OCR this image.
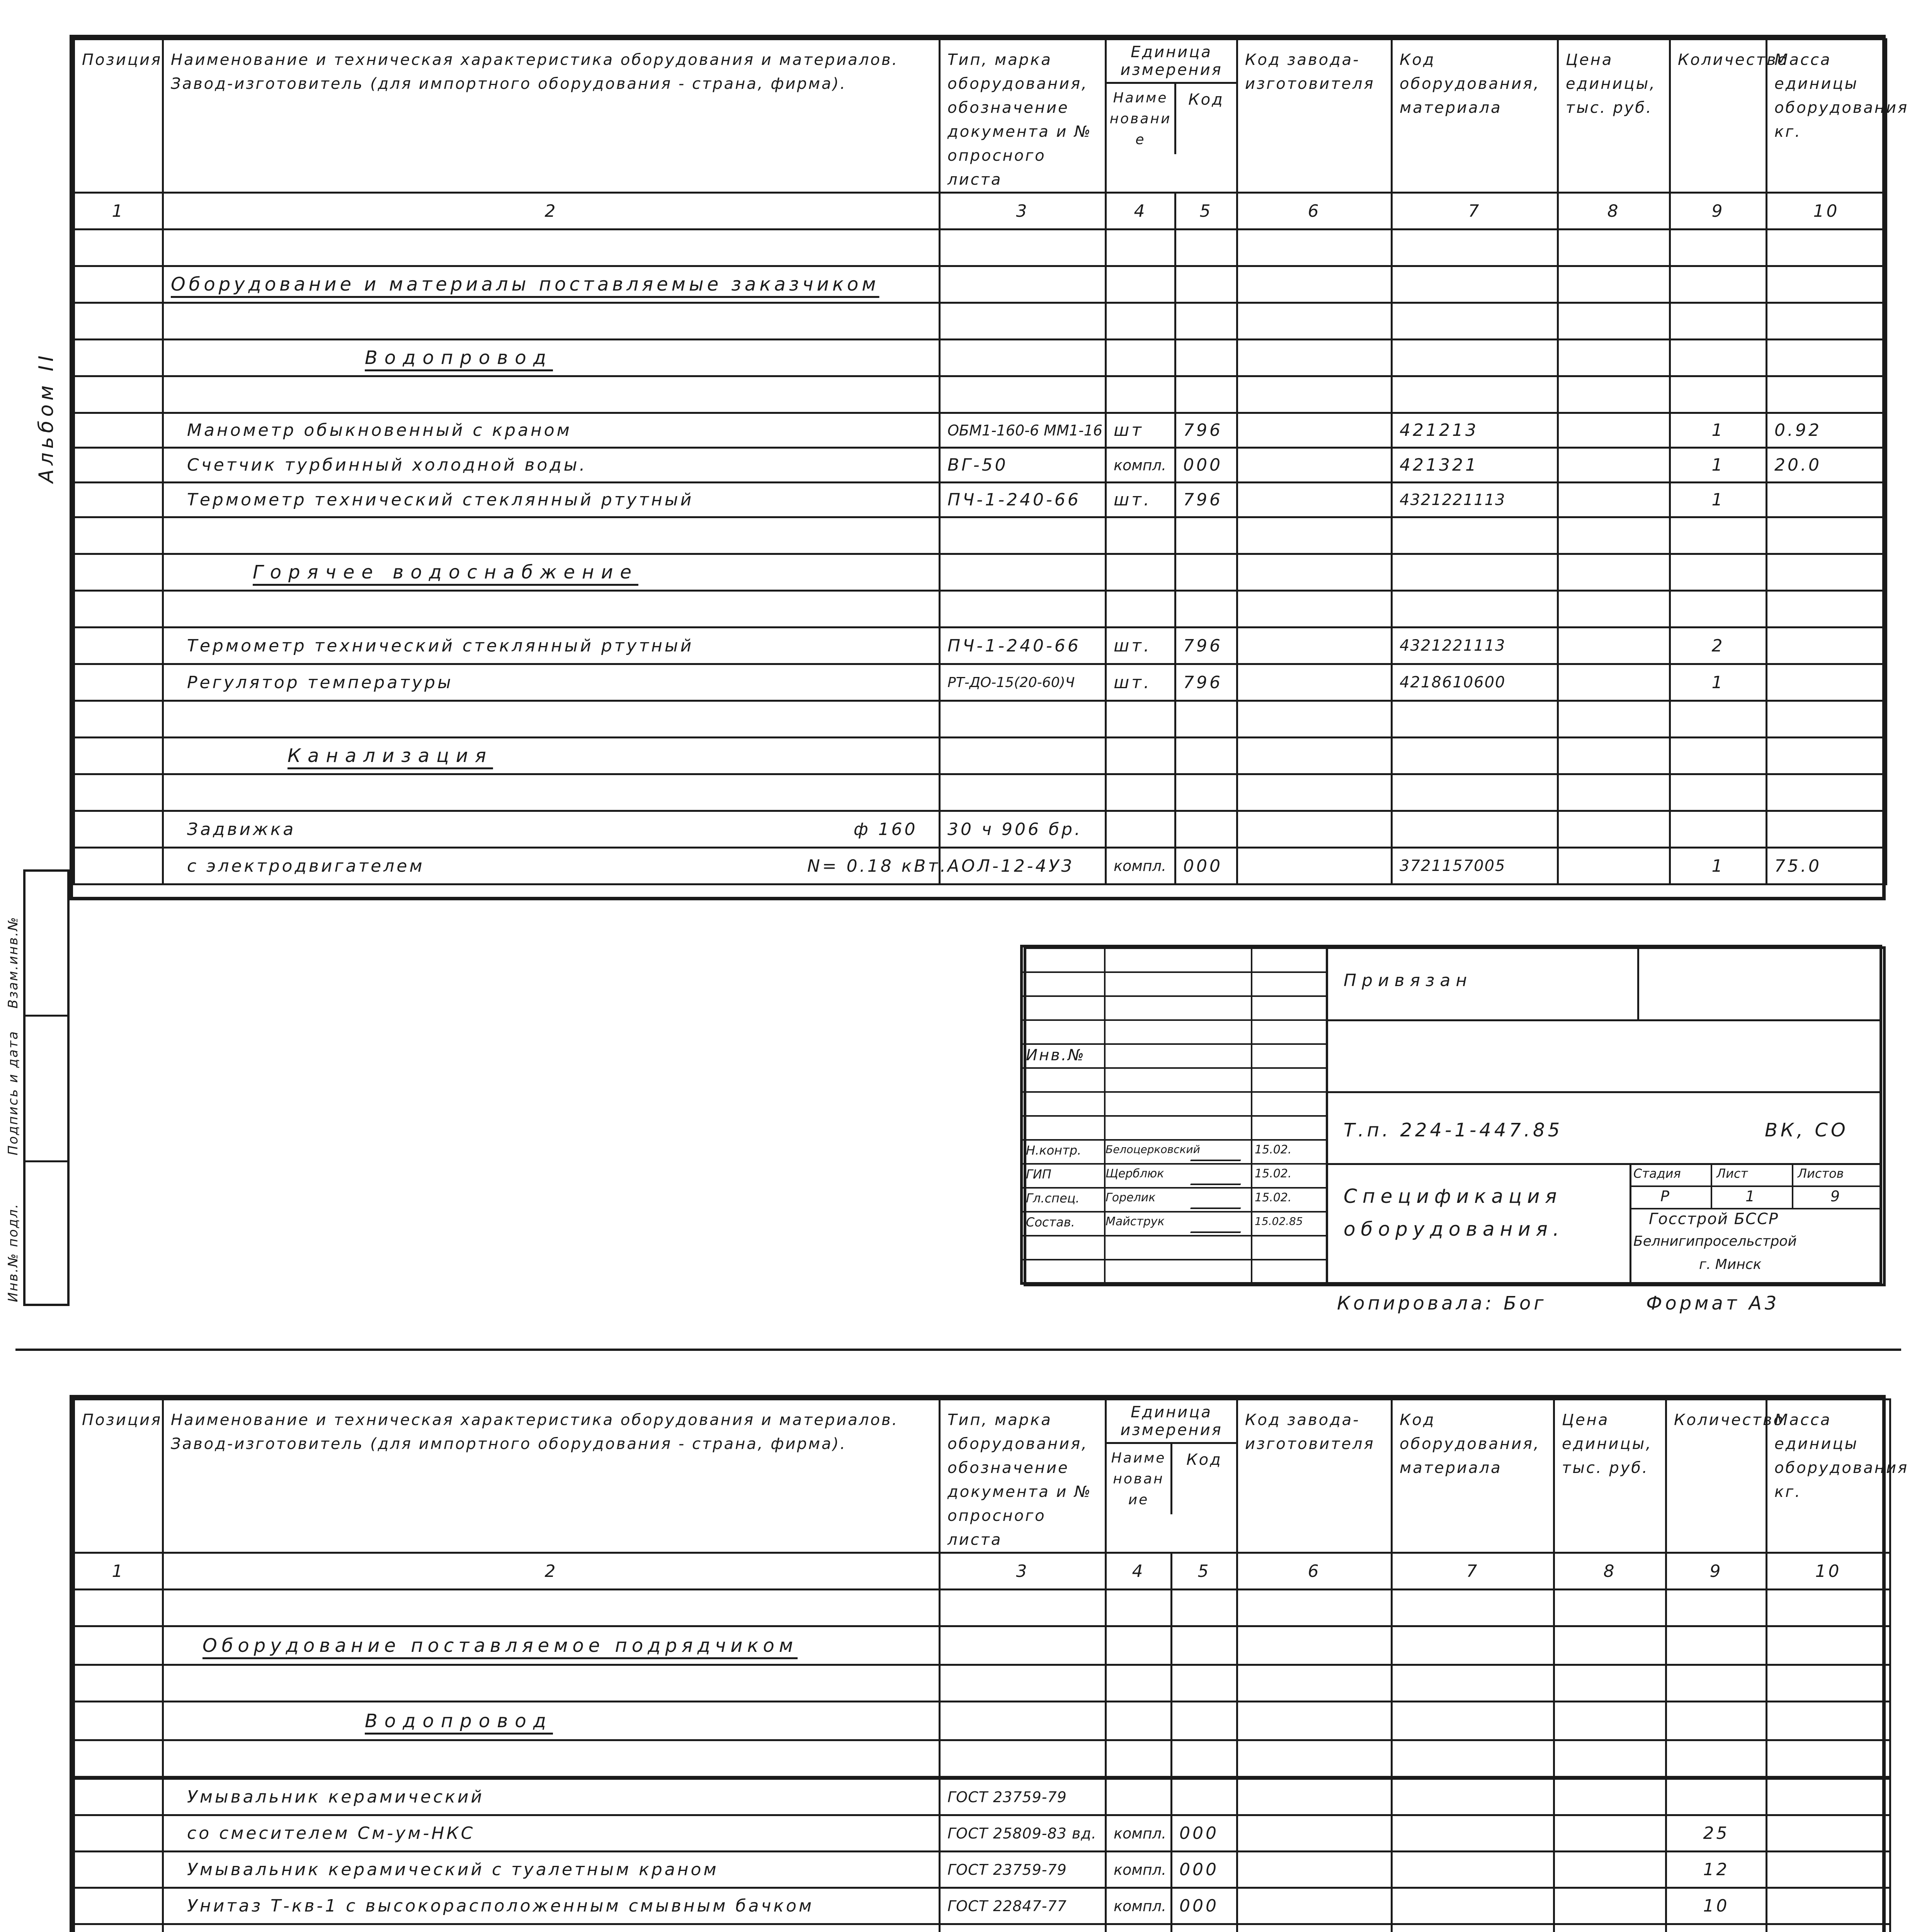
Взам.инв.№
Подпись и дата
Инв.№ подл.
Альбом II
Позиция	Наименование и техническая характеристика оборудования и материалов. Завод-изготовитель (для импортного оборудования - страна, фирма).	Тип, марка оборудования, обозначение документа и № опросного листа	Единица измерения
Наименование
Код		Код завода-изготовителя	Код оборудования, материала	Цена единицы, тыс. руб.	Количество	Масса единицы оборудования кг.
1	2	3	4	5	6	7	8	9	10

	Оборудование и материалы поставляемые заказчиком								

	Водопровод								

	Манометр обыкновенный с краном	ОБМ1-160-6 ММ1-16	шт	796		421213		1	0.92
	Счетчик турбинный холодной воды.	ВГ-50	компл.	000		421321		1	20.0
	Термометр технический стеклянный ртутный	ПЧ-1-240-66	шт.	796		4321221113		1	

	Горячее водоснабжение								

	Термометр технический стеклянный ртутный	ПЧ-1-240-66	шт.	796		4321221113		2	
	Регулятор температуры	РТ-ДО-15(20-60)Ч	шт.	796		4218610600		1	

	Канализация								

	Задвижка ф 160	30 ч 906 бр.							
	с электродвигателем N= 0.18 кВт.	АОЛ-12-4У3	компл.	000		3721157005		1	75.0
Инв.№
Н.контр. Белоцерковский	15.02.
ГИП	Щерблюк	15.02.
Гл.спец. Горелик	15.02.
Состав.	Майструк	15.02.85
Привязан
Т.п. 224-1-447.85	ВК, СО
Спецификация
оборудования.
Стадия	Лист	Листов
Р	1	9
Госстрой БССР
Белнигипросельстрой
г. Минск
Копировала: Бог	Формат А3
Позиция	Наименование и техническая характеристика оборудования и материалов. Завод-изготовитель (для импортного оборудования - страна, фирма).	Тип, марка оборудования, обозначение документа и № опросного листа	Единица измерения
Наименование
Код		Код завода-изготовителя	Код оборудования, материала	Цена единицы, тыс. руб.	Количество	Масса единицы оборудования кг.
1	2	3	4	5	6	7	8	9	10

	Оборудование поставляемое подрядчиком								

	Водопровод								

	Умывальник керамический	ГОСТ 23759-79							
	со смесителем См-ум-НКС	ГОСТ 25809-83 вд.	компл.	000				25	
	Умывальник керамический с туалетным краном	ГОСТ 23759-79	компл.	000				12	
	Унитаз Т-кв-1 с высокорасположенным смывным бачком	ГОСТ 22847-77	компл.	000				10	
